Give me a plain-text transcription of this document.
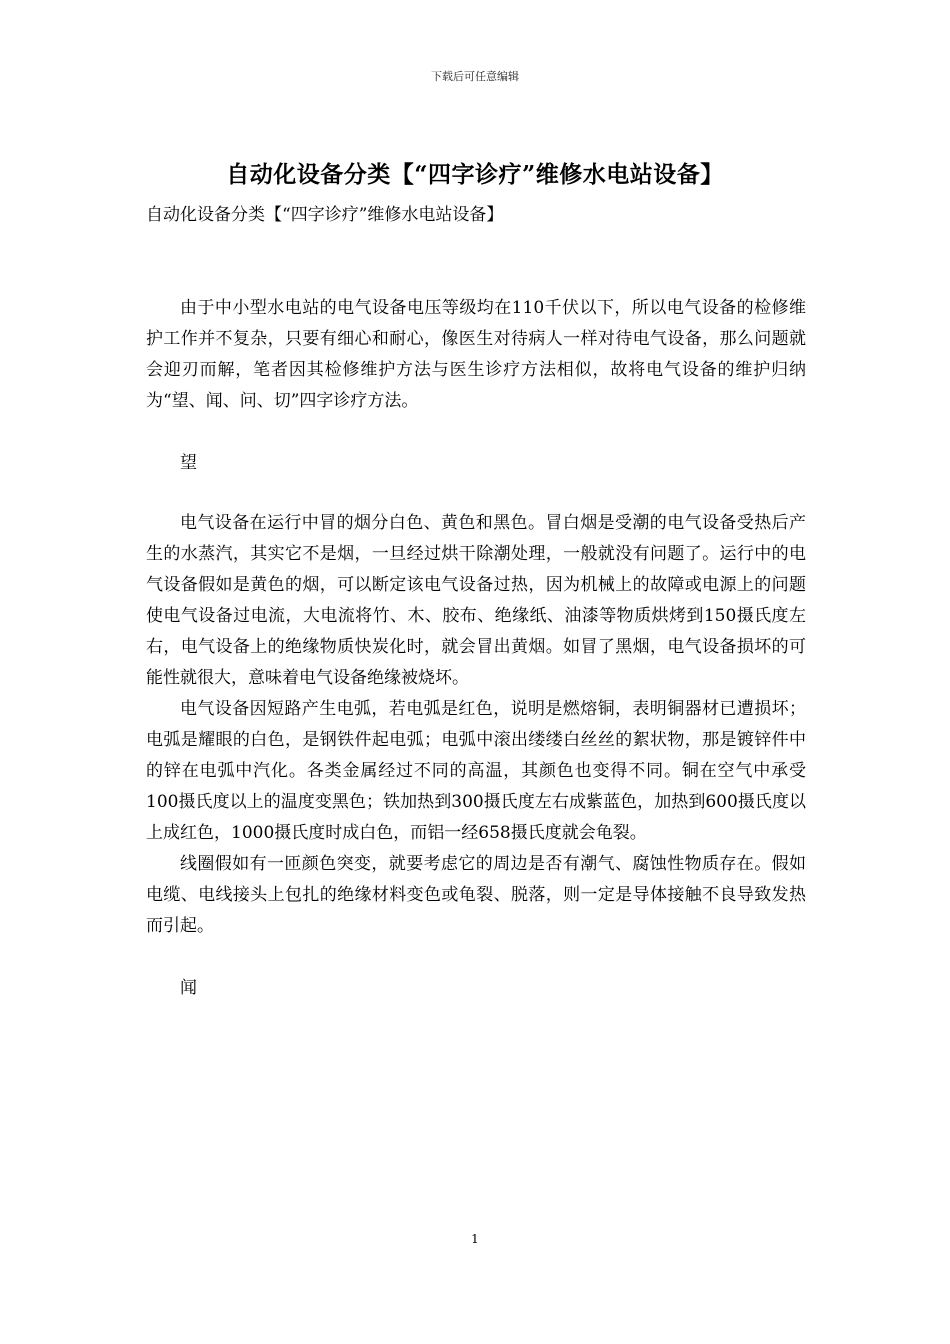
下载后可任意编辑
自动化设备分类【“四字诊疗”维修水电站设备】

自动化设备分类【“四字诊疗”维修水电站设备】

由于中小型水电站的电气设备电压等级均在110千伏以下，所以电气设备的检修维护工作并不复杂，只要有细心和耐心，像医生对待病人一样对待电气设备，那么问题就会迎刃而解，笔者因其检修维护方法与医生诊疗方法相似，故将电气设备的维护归纳为“望、闻、问、切”四字诊疗方法。

望

电气设备在运行中冒的烟分白色、黄色和黑色。冒白烟是受潮的电气设备受热后产生的水蒸汽，其实它不是烟，一旦经过烘干除潮处理，一般就没有问题了。运行中的电气设备假如是黄色的烟，可以断定该电气设备过热，因为机械上的故障或电源上的问题使电气设备过电流，大电流将竹、木、胶布、绝缘纸、油漆等物质烘烤到150摄氏度左右，电气设备上的绝缘物质快炭化时，就会冒出黄烟。如冒了黑烟，电气设备损坏的可能性就很大，意味着电气设备绝缘被烧坏。

电气设备因短路产生电弧，若电弧是红色，说明是燃熔铜，表明铜器材已遭损坏；电弧是耀眼的白色，是钢铁件起电弧；电弧中滚出缕缕白丝丝的絮状物，那是镀锌件中的锌在电弧中汽化。各类金属经过不同的高温，其颜色也变得不同。铜在空气中承受100摄氏度以上的温度变黑色；铁加热到300摄氏度左右成紫蓝色，加热到600摄氏度以上成红色，1000摄氏度时成白色，而铝一经658摄氏度就会龟裂。

线圈假如有一匝颜色突变，就要考虑它的周边是否有潮气、腐蚀性物质存在。假如电缆、电线接头上包扎的绝缘材料变色或龟裂、脱落，则一定是导体接触不良导致发热而引起。

闻

1
